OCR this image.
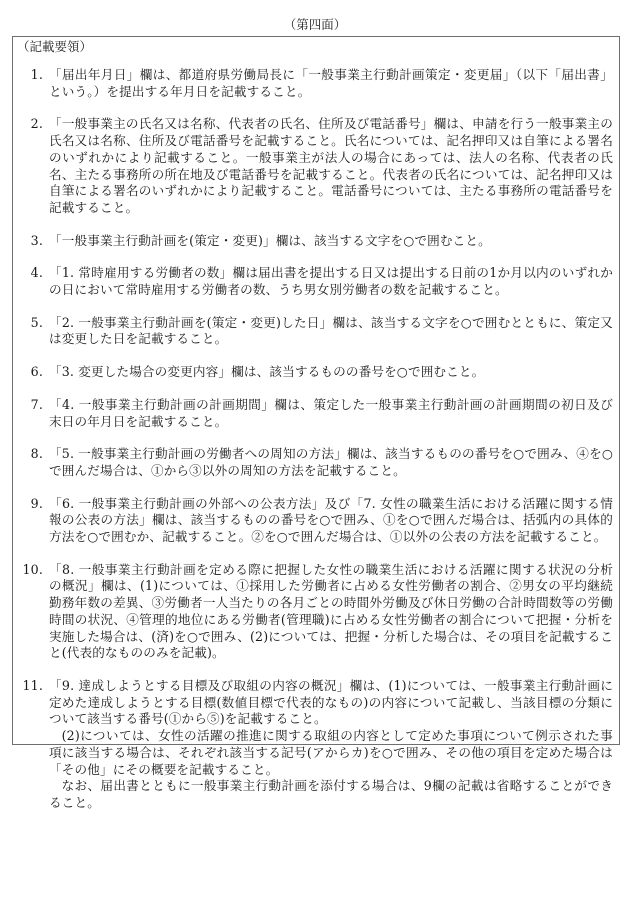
（第四面）
（記載要領）
1. 「届出年月日」欄は、都道府県労働局長に「一般事業主行動計画策定・変更届」（以下「届出書」という。）を提出する年月日を記載すること。

2. 「一般事業主の氏名又は名称、代表者の氏名、住所及び電話番号」欄は、申請を行う一般事業主の氏名又は名称、住所及び電話番号を記載すること。氏名については、記名押印又は自筆による署名のいずれかにより記載すること。一般事業主が法人の場合にあっては、法人の名称、代表者の氏名、主たる事務所の所在地及び電話番号を記載すること。代表者の氏名については、記名押印又は自筆による署名のいずれかにより記載すること。電話番号については、主たる事務所の電話番号を記載すること。

3. 「一般事業主行動計画を(策定・変更)」欄は、該当する文字を○で囲むこと。

4. 「1. 常時雇用する労働者の数」欄は届出書を提出する日又は提出する日前の1か月以内のいずれかの日において常時雇用する労働者の数、うち男女別労働者の数を記載すること。

5. 「2. 一般事業主行動計画を(策定・変更)した日」欄は、該当する文字を○で囲むとともに、策定又は変更した日を記載すること。

6. 「3. 変更した場合の変更内容」欄は、該当するものの番号を○で囲むこと。

7. 「4. 一般事業主行動計画の計画期間」欄は、策定した一般事業主行動計画の計画期間の初日及び末日の年月日を記載すること。

8. 「5. 一般事業主行動計画の労働者への周知の方法」欄は、該当するものの番号を○で囲み、④を○で囲んだ場合は、①から③以外の周知の方法を記載すること。

9. 「6. 一般事業主行動計画の外部への公表方法」及び「7. 女性の職業生活における活躍に関する情報の公表の方法」欄は、該当するものの番号を○で囲み、①を○で囲んだ場合は、括弧内の具体的方法を○で囲むか、記載すること。②を○で囲んだ場合は、①以外の公表の方法を記載すること。

10. 「8. 一般事業主行動計画を定める際に把握した女性の職業生活における活躍に関する状況の分析の概況」欄は、(1)については、①採用した労働者に占める女性労働者の割合、②男女の平均継続勤務年数の差異、③労働者一人当たりの各月ごとの時間外労働及び休日労働の合計時間数等の労働時間の状況、④管理的地位にある労働者(管理職)に占める女性労働者の割合について把握・分析を実施した場合は、(済)を○で囲み、(2)については、把握・分析した場合は、その項目を記載すること(代表的なもののみを記載)。

11. 「9. 達成しようとする目標及び取組の内容の概況」欄は、(1)については、一般事業主行動計画に定めた達成しようとする目標(数値目標で代表的なもの)の内容について記載し、当該目標の分類について該当する番号(①から⑤)を記載すること。

(2)については、女性の活躍の推進に関する取組の内容として定めた事項について例示された事項に該当する場合は、それぞれ該当する記号(アからカ)を○で囲み、その他の項目を定めた場合は「その他」にその概要を記載すること。

なお、届出書とともに一般事業主行動計画を添付する場合は、9欄の記載は省略することができること。
